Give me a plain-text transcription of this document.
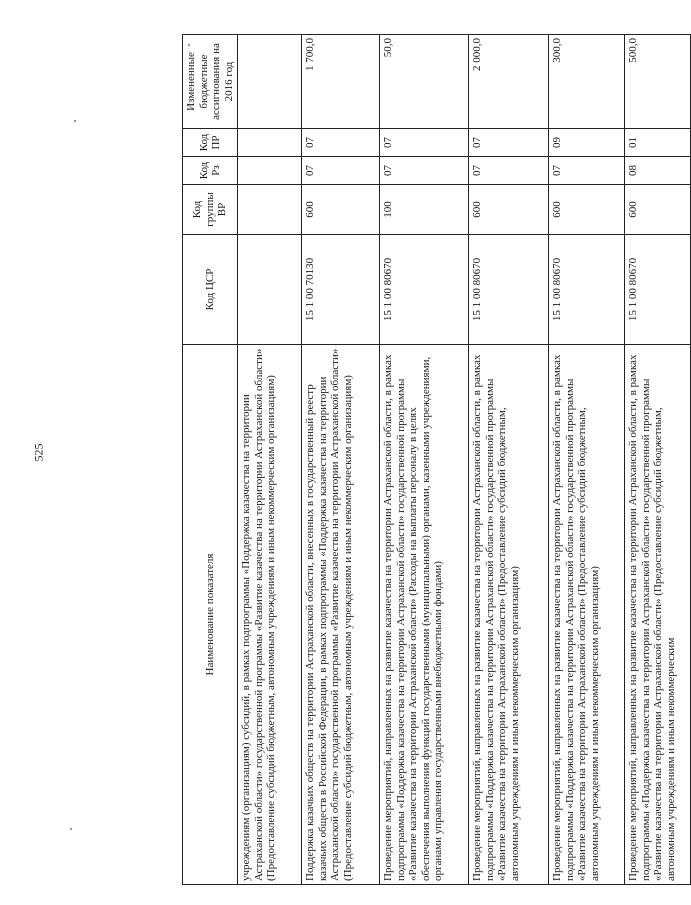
525
Наименование показателя	Код ЦСР	Код группы ВР	Код Рз	Код ПР	Измененные бюджетные ассигнования на 2016 год
учреждениям (организациям) субсидий, в рамках подпрограммы «Поддержка казачества на территории Астраханской области» государственной программы «Развитие казачества на территории Астраханской области» (Предоставление субсидий бюджетным, автономным учреждениям и иным некоммерческим организациям)					
Поддержка казачьих обществ на территории Астраханской области, внесенных в государственный реестр казачьих обществ в Российской Федерации, в рамках подпрограммы «Поддержка казачества на территории Астраханской области» государственной программы «Развитие казачества на территории Астраханской области» (Предоставление субсидий бюджетным, автономным учреждениям и иным некоммерческим организациям)	15 1 00 70130	600	07	07	1 700,0
Проведение мероприятий, направленных на развитие казачества на территории Астраханской области, в рамках подпрограммы «Поддержка казачества на территории Астраханской области» государственной программы «Развитие казачества на территории Астраханской области» (Расходы на выплаты персоналу в целях обеспечения выполнения функций государственными (муниципальными) органами, казенными учреждениями, органами управления государственными внебюджетными фондами)	15 1 00 80670	100	07	07	50,0
Проведение мероприятий, направленных на развитие казачества на территории Астраханской области, в рамках подпрограммы «Поддержка казачества на территории Астраханской области» государственной программы «Развитие казачества на территории Астраханской области» (Предоставление субсидий бюджетным, автономным учреждениям и иным некоммерческим организациям)	15 1 00 80670	600	07	07	2 000,0
Проведение мероприятий, направленных на развитие казачества на территории Астраханской области, в рамках подпрограммы «Поддержка казачества на территории Астраханской области» государственной программы «Развитие казачества на территории Астраханской области» (Предоставление субсидий бюджетным, автономным учреждениям и иным некоммерческим организациям)	15 1 00 80670	600	07	09	300,0
Проведение мероприятий, направленных на развитие казачества на территории Астраханской области, в рамках подпрограммы «Поддержка казачества на территории Астраханской области» государственной программы «Развитие казачества на территории Астраханской области» (Предоставление субсидий бюджетным, автономным учреждениям и иным некоммерческим	15 1 00 80670	600	08	01	500,0
